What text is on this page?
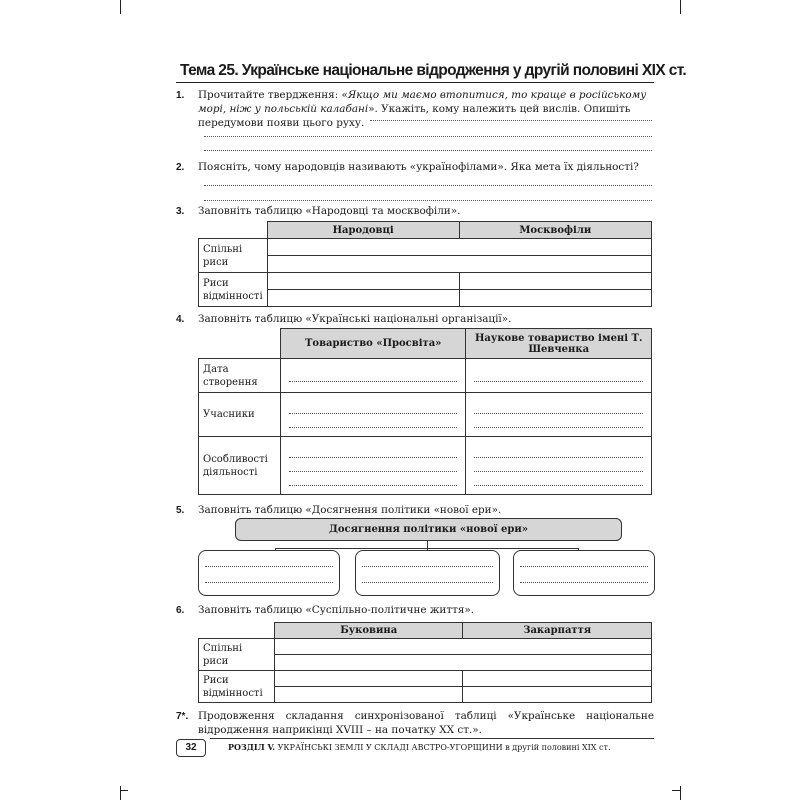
Тема 25. Українське національне відродження у другій половині XIX ст.
1. Прочитайте твердження: «Якщо ми маємо втопитися, то краще в російському морі, ніж у польській калабані». Укажіть, кому належить цей вислів. Опишіть передумови появи цього руху.
2. Поясніть, чому народовців називають «українофілами». Яка мета їх діяльності?
3. Заповніть таблицю «Народовці та москвофіли».
	Народовці	Москвофіли
Спільні риси		

Риси відмінності		

4. Заповніть таблицю «Українські національні організації».
	Товариство «Просвіта»	Наукове товариство імені Т. Шевченка
Дата створення	

Учасники	

Особливості діяльності	

5. Заповніть таблицю «Досягнення політики «нової ери».
Досягнення політики «нової ери»
6. Заповніть таблицю «Суспільно-політичне життя».
	Буковина	Закарпаття
Спільні риси		

Риси відмінності		

7*. Продовження складання синхронізованої таблиці «Українське національне відродження наприкінці XVIII – на початку XX ст.».
32	РОЗДІЛ V. УКРАЇНСЬКІ ЗЕМЛІ У СКЛАДІ АВСТРО-УГОРЩИНИ в другій половині XIX ст.
